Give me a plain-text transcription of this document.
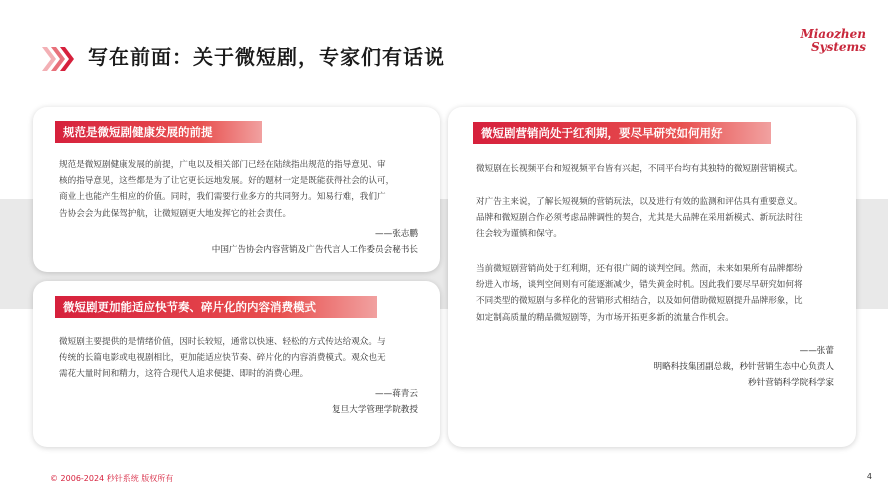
写在前面：关于微短剧，专家们有话说
Miaozhen
Systems
规范是微短剧健康发展的前提

规范是微短剧健康发展的前提，广电以及相关部门已经在陆续指出规范的指导意见、审

核的指导意见，这些都是为了让它更长远地发展。好的题材一定是既能获得社会的认可，

商业上也能产生相应的价值。同时，我们需要行业多方的共同努力。知易行难，我们广

告协会会为此保驾护航，让微短剧更大地发挥它的社会责任。

——张志鹏
中国广告协会内容营销及广告代言人工作委员会秘书长
微短剧更加能适应快节奏、碎片化的内容消费模式

微短剧主要提供的是情绪价值，因时长较短，通常以快速、轻松的方式传达给观众。与

传统的长篇电影或电视剧相比，更加能适应快节奏、碎片化的内容消费模式。观众也无

需花大量时间和精力，这符合现代人追求便捷、即时的消费心理。

——蒋青云
复旦大学管理学院教授
微短剧营销尚处于红利期，要尽早研究如何用好

微短剧在长视频平台和短视频平台皆有兴起，不同平台均有其独特的微短剧营销模式。

对广告主来说，了解长短视频的营销玩法，以及进行有效的监测和评估具有重要意义。

品牌和微短剧合作必须考虑品牌调性的契合，尤其是大品牌在采用新模式、新玩法时往

往会较为谨慎和保守。

当前微短剧营销尚处于红利期，还有很广阔的谈判空间。然而，未来如果所有品牌都纷

纷进入市场，谈判空间则有可能逐渐减少，错失黄金时机。因此我们要尽早研究如何将

不同类型的微短剧与多样化的营销形式相结合，以及如何借助微短剧提升品牌形象，比

如定制高质量的精品微短剧等，为市场开拓更多新的流量合作机会。

——张蕾
明略科技集团副总裁，秒针营销生态中心负责人
秒针营销科学院科学家
© 2006-2024 秒针系统 版权所有	4
